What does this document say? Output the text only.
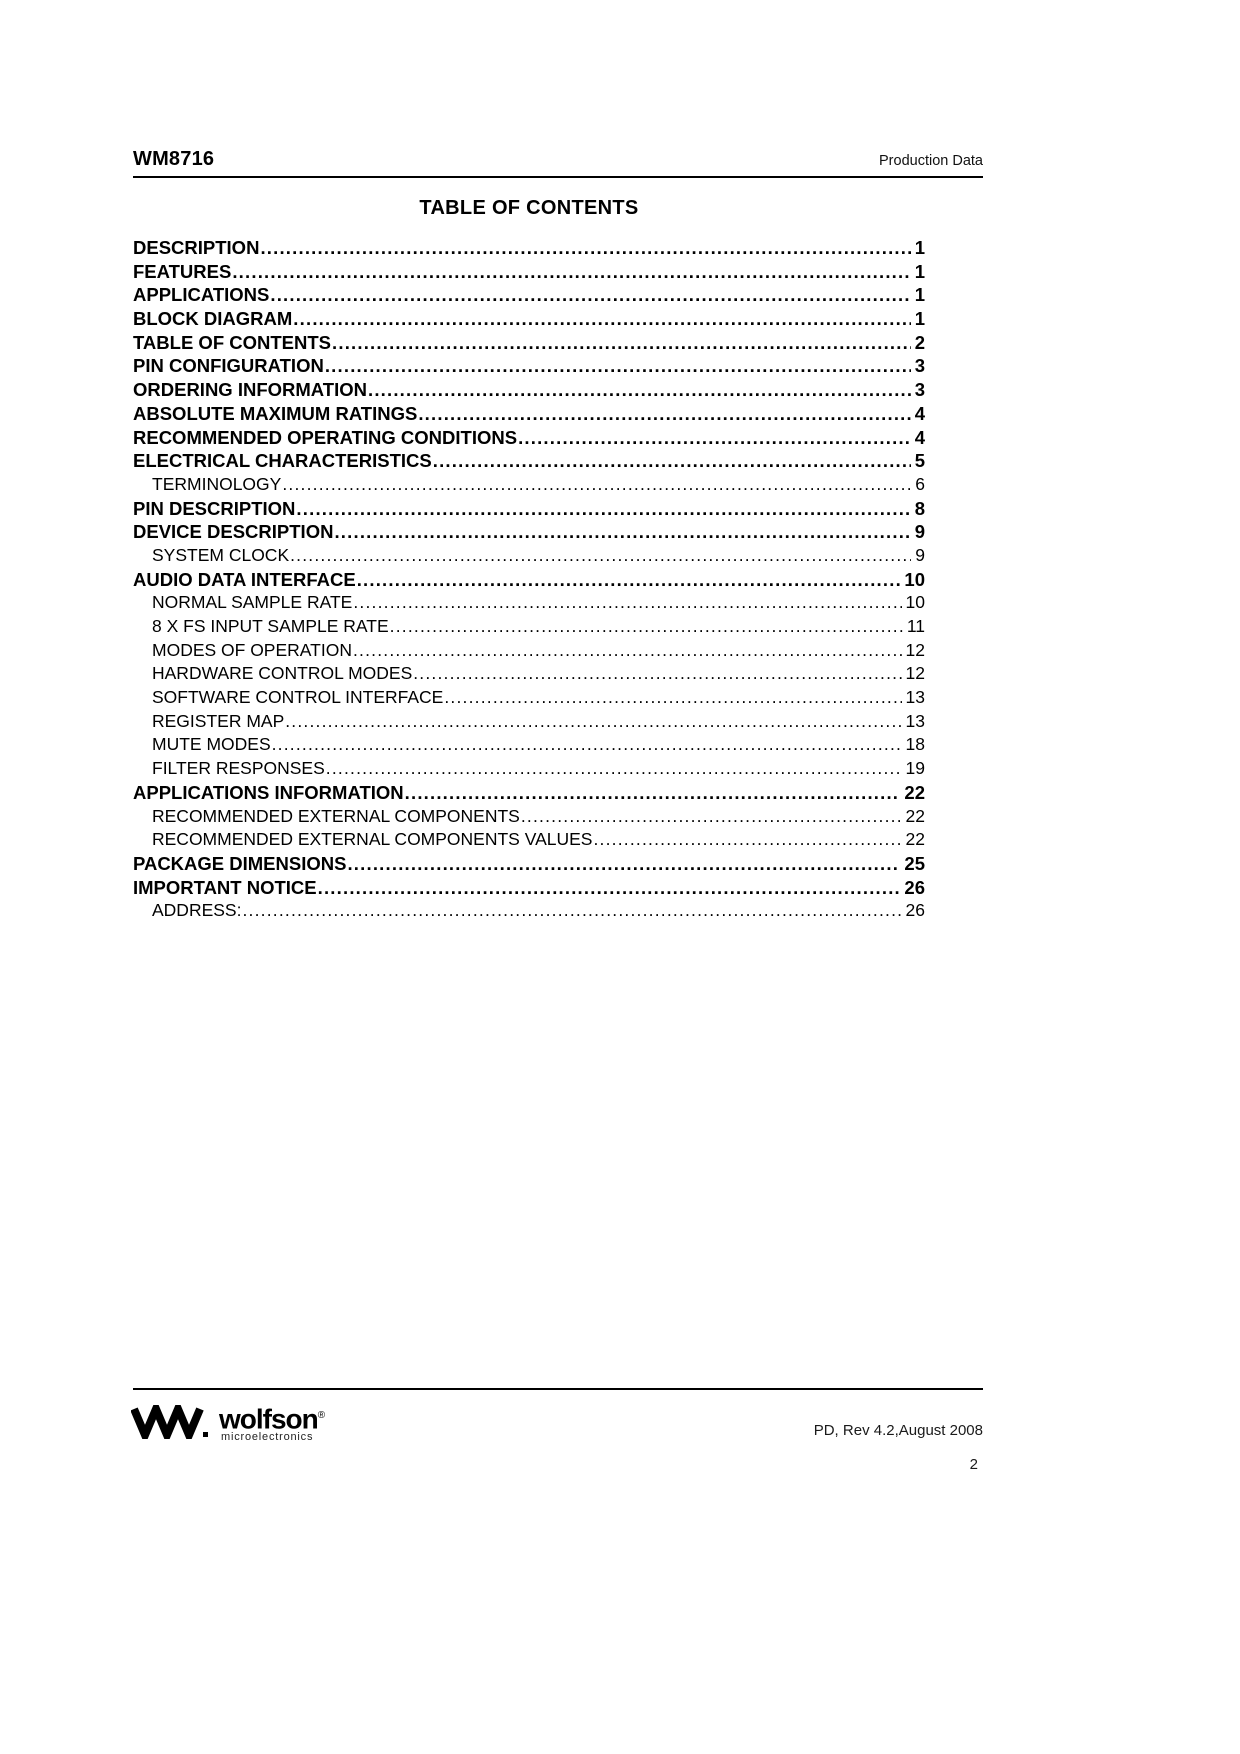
WM8716	Production Data
TABLE OF CONTENTS
DESCRIPTION .....	1
FEATURES .....	1
APPLICATIONS .....	1
BLOCK DIAGRAM .....	1
TABLE OF CONTENTS .....	2
PIN CONFIGURATION .....	3
ORDERING INFORMATION .....	3
ABSOLUTE MAXIMUM RATINGS .....	4
RECOMMENDED OPERATING CONDITIONS .....	4
ELECTRICAL CHARACTERISTICS .....	5
TERMINOLOGY .....	6
PIN DESCRIPTION .....	8
DEVICE DESCRIPTION .....	9
SYSTEM CLOCK .....	9
AUDIO DATA INTERFACE .....	10
NORMAL SAMPLE RATE .....	10
8 X FS INPUT SAMPLE RATE .....	11
MODES OF OPERATION .....	12
HARDWARE CONTROL MODES .....	12
SOFTWARE CONTROL INTERFACE .....	13
REGISTER MAP .....	13
MUTE MODES .....	18
FILTER RESPONSES .....	19
APPLICATIONS INFORMATION .....	22
RECOMMENDED EXTERNAL COMPONENTS .....	22
RECOMMENDED EXTERNAL COMPONENTS VALUES .....	22
PACKAGE DIMENSIONS .....	25
IMPORTANT NOTICE .....	26
ADDRESS: .....	26
wolfson®
microelectronics	PD, Rev 4.2,August 2008
2
